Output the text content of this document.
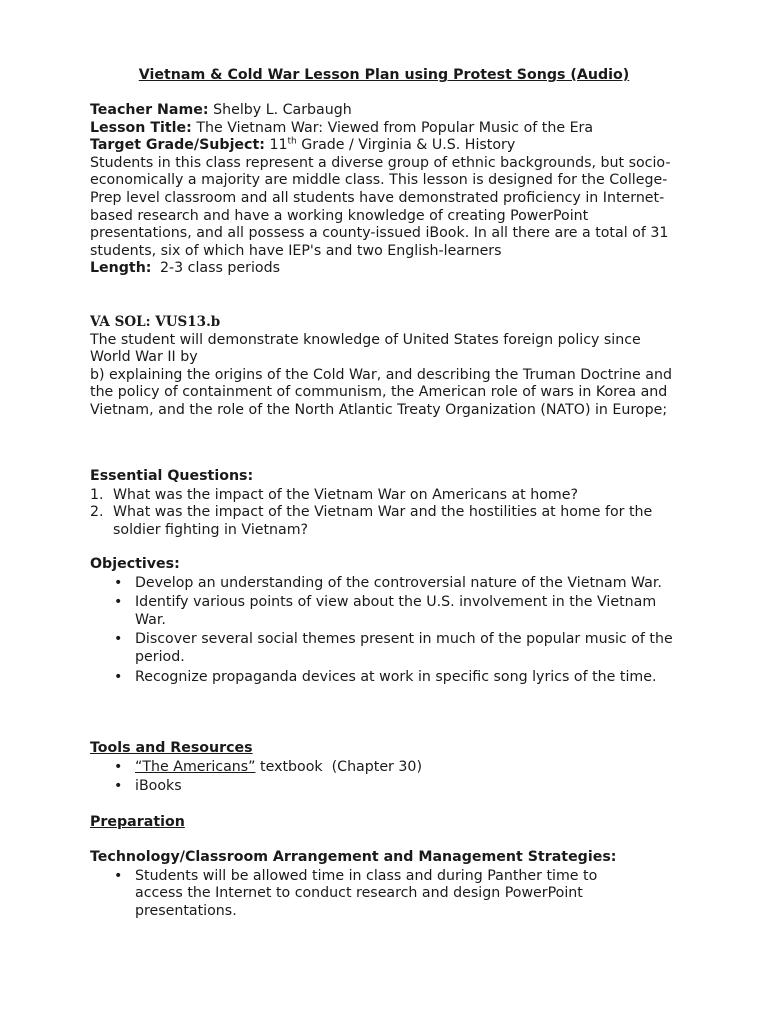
Vietnam & Cold War Lesson Plan using Protest Songs (Audio)
Teacher Name: Shelby L. Carbaugh
Lesson Title: The Vietnam War: Viewed from Popular Music of the Era
Target Grade/Subject: 11th Grade / Virginia & U.S. History
Students in this class represent a diverse group of ethnic backgrounds, but socio-economically a majority are middle class. This lesson is designed for the College-Prep level classroom and all students have demonstrated proficiency in Internet-based research and have a working knowledge of creating PowerPoint presentations, and all possess a county-issued iBook. In all there are a total of 31 students, six of which have IEP's and two English-learners
Length: 2-3 class periods
VA SOL: VUS13.b
The student will demonstrate knowledge of United States foreign policy since World War II by
b) explaining the origins of the Cold War, and describing the Truman Doctrine and the policy of containment of communism, the American role of wars in Korea and Vietnam, and the role of the North Atlantic Treaty Organization (NATO) in Europe;
Essential Questions:
1. What was the impact of the Vietnam War on Americans at home?
2. What was the impact of the Vietnam War and the hostilities at home for the soldier fighting in Vietnam?
Objectives:
• Develop an understanding of the controversial nature of the Vietnam War.
• Identify various points of view about the U.S. involvement in the Vietnam War.
• Discover several social themes present in much of the popular music of the period.
• Recognize propaganda devices at work in specific song lyrics of the time.
Tools and Resources
• “The Americans” textbook  (Chapter 30)
• iBooks
Preparation
Technology/Classroom Arrangement and Management Strategies:
• Students will be allowed time in class and during Panther time to access the Internet to conduct research and design PowerPoint presentations.
